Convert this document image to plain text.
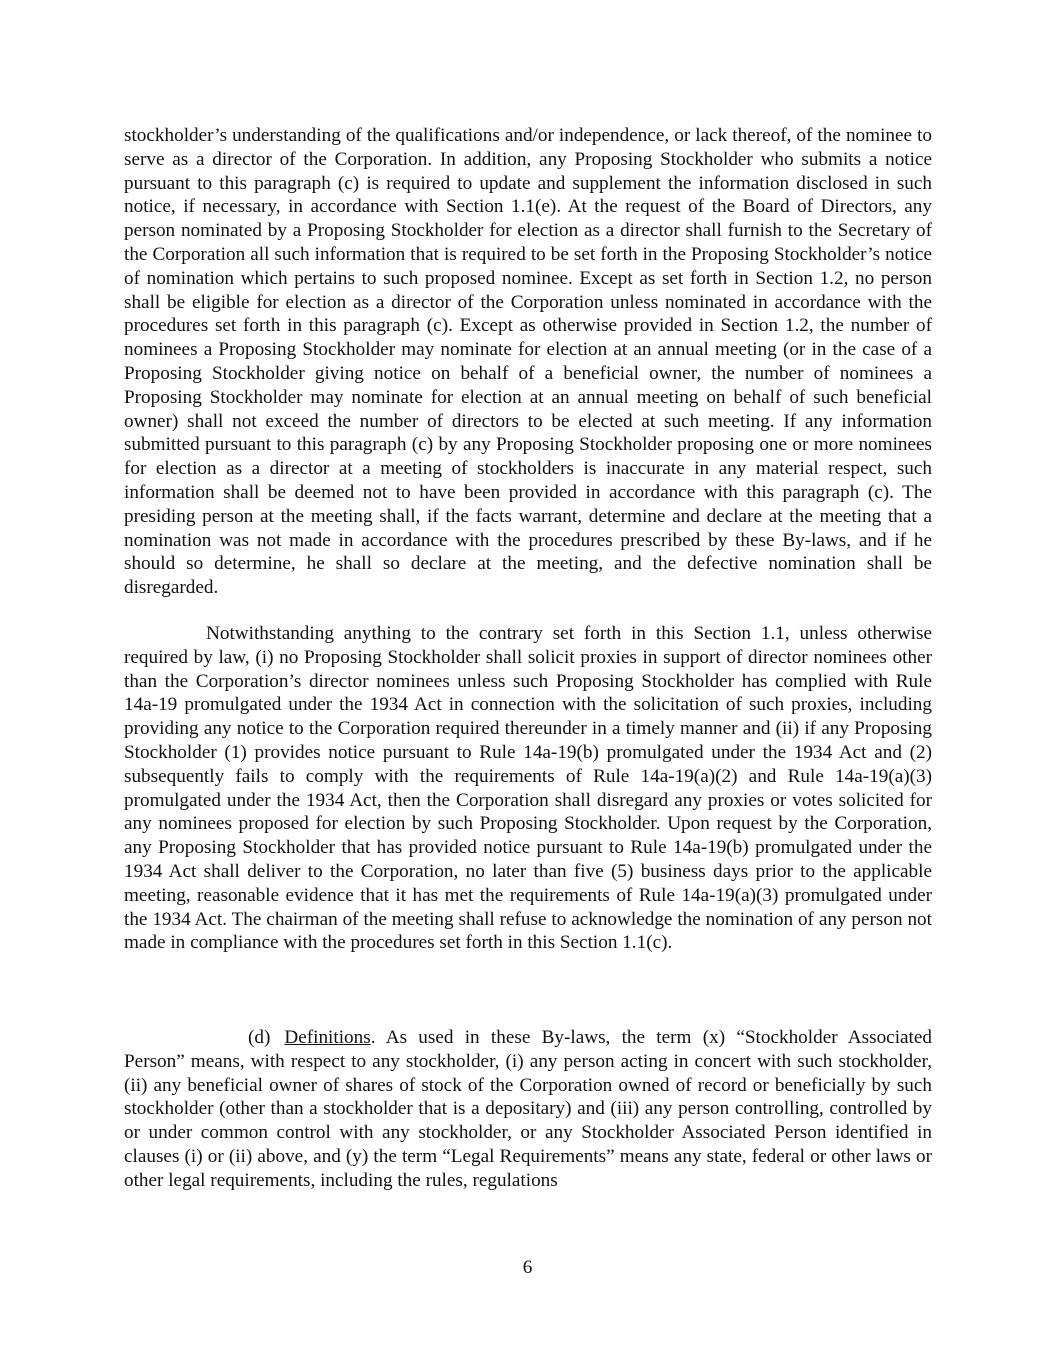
stockholder’s understanding of the qualifications and/or independence, or lack thereof, of the nominee to serve as a director of the Corporation. In addition, any Proposing Stockholder who submits a notice pursuant to this paragraph (c) is required to update and supplement the information disclosed in such notice, if necessary, in accordance with Section 1.1(e). At the request of the Board of Directors, any person nominated by a Proposing Stockholder for election as a director shall furnish to the Secretary of the Corporation all such information that is required to be set forth in the Proposing Stockholder’s notice of nomination which pertains to such proposed nominee. Except as set forth in Section 1.2, no person shall be eligible for election as a director of the Corporation unless nominated in accordance with the procedures set forth in this paragraph (c). Except as otherwise provided in Section 1.2, the number of nominees a Proposing Stockholder may nominate for election at an annual meeting (or in the case of a Proposing Stockholder giving notice on behalf of a beneficial owner, the number of nominees a Proposing Stockholder may nominate for election at an annual meeting on behalf of such beneficial owner) shall not exceed the number of directors to be elected at such meeting. If any information submitted pursuant to this paragraph (c) by any Proposing Stockholder proposing one or more nominees for election as a director at a meeting of stockholders is inaccurate in any material respect, such information shall be deemed not to have been provided in accordance with this paragraph (c). The presiding person at the meeting shall, if the facts warrant, determine and declare at the meeting that a nomination was not made in accordance with the procedures prescribed by these By-laws, and if he should so determine, he shall so declare at the meeting, and the defective nomination shall be disregarded.

Notwithstanding anything to the contrary set forth in this Section 1.1, unless otherwise required by law, (i) no Proposing Stockholder shall solicit proxies in support of director nominees other than the Corporation’s director nominees unless such Proposing Stockholder has complied with Rule 14a-19 promulgated under the 1934 Act in connection with the solicitation of such proxies, including providing any notice to the Corporation required thereunder in a timely manner and (ii) if any Proposing Stockholder (1) provides notice pursuant to Rule 14a-19(b) promulgated under the 1934 Act and (2) subsequently fails to comply with the requirements of Rule 14a-19(a)(2) and Rule 14a-19(a)(3) promulgated under the 1934 Act, then the Corporation shall disregard any proxies or votes solicited for any nominees proposed for election by such Proposing Stockholder. Upon request by the Corporation, any Proposing Stockholder that has provided notice pursuant to Rule 14a-19(b) promulgated under the 1934 Act shall deliver to the Corporation, no later than five (5) business days prior to the applicable meeting, reasonable evidence that it has met the requirements of Rule 14a-19(a)(3) promulgated under the 1934 Act. The chairman of the meeting shall refuse to acknowledge the nomination of any person not made in compliance with the procedures set forth in this Section 1.1(c).

(d) Definitions. As used in these By-laws, the term (x) “Stockholder Associated Person” means, with respect to any stockholder, (i) any person acting in concert with such stockholder, (ii) any beneficial owner of shares of stock of the Corporation owned of record or beneficially by such stockholder (other than a stockholder that is a depositary) and (iii) any person controlling, controlled by or under common control with any stockholder, or any Stockholder Associated Person identified in clauses (i) or (ii) above, and (y) the term “Legal Requirements” means any state, federal or other laws or other legal requirements, including the rules, regulations

6
